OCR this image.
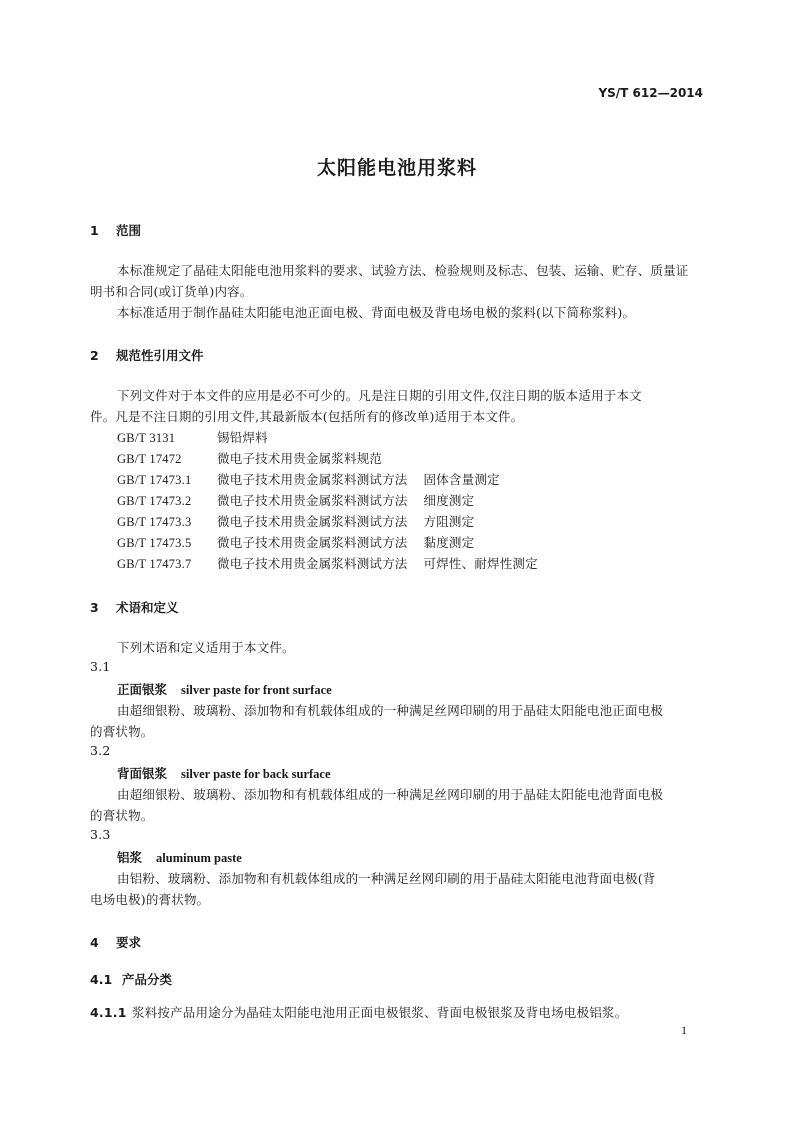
YS/T 612—2014
太阳能电池用浆料
1 范围
本标准规定了晶硅太阳能电池用浆料的要求、试验方法、检验规则及标志、包装、运输、贮存、质量证
明书和合同(或订货单)内容。
本标准适用于制作晶硅太阳能电池正面电极、背面电极及背电场电极的浆料(以下简称浆料)。
2 规范性引用文件
下列文件对于本文件的应用是必不可少的。凡是注日期的引用文件,仅注日期的版本适用于本文
件。凡是不注日期的引用文件,其最新版本(包括所有的修改单)适用于本文件。
GB/T 3131	锡铅焊料
GB/T 17472	微电子技术用贵金属浆料规范
GB/T 17473.1 微电子技术用贵金属浆料测试方法 固体含量测定
GB/T 17473.2 微电子技术用贵金属浆料测试方法 细度测定
GB/T 17473.3 微电子技术用贵金属浆料测试方法 方阻测定
GB/T 17473.5 微电子技术用贵金属浆料测试方法 黏度测定
GB/T 17473.7 微电子技术用贵金属浆料测试方法 可焊性、耐焊性测定
3 术语和定义
下列术语和定义适用于本文件。
3.1
正面银浆 silver paste for front surface
由超细银粉、玻璃粉、添加物和有机载体组成的一种满足丝网印刷的用于晶硅太阳能电池正面电极
的膏状物。
3.2
背面银浆 silver paste for back surface
由超细银粉、玻璃粉、添加物和有机载体组成的一种满足丝网印刷的用于晶硅太阳能电池背面电极
的膏状物。
3.3
铝浆 aluminum paste
由铝粉、玻璃粉、添加物和有机载体组成的一种满足丝网印刷的用于晶硅太阳能电池背面电极(背
电场电极)的膏状物。
4 要求
4.1 产品分类
4.1.1 浆料按产品用途分为晶硅太阳能电池用正面电极银浆、背面电极银浆及背电场电极铝浆。
1
